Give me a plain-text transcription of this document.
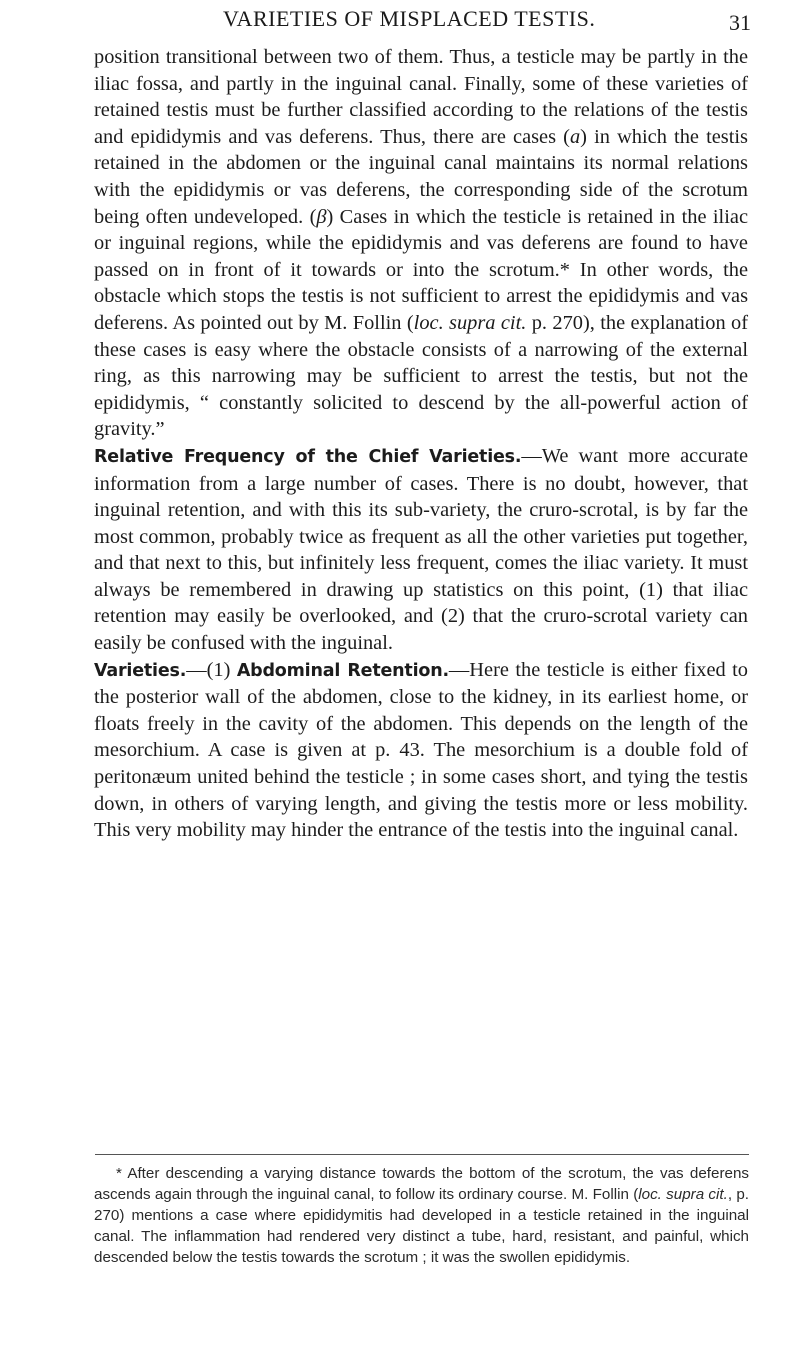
VARIETIES OF MISPLACED TESTIS.	31

position transitional between two of them. Thus, a testicle may be partly in the iliac fossa, and partly in the inguinal canal. Finally, some of these varieties of retained testis must be further classified according to the relations of the testis and epididymis and vas deferens. Thus, there are cases (a) in which the testis retained in the abdomen or the inguinal canal maintains its normal relations with the epididymis or vas deferens, the corresponding side of the scrotum being often undeveloped. (β) Cases in which the testicle is retained in the iliac or inguinal regions, while the epididymis and vas deferens are found to have passed on in front of it towards or into the scrotum.* In other words, the obstacle which stops the testis is not sufficient to arrest the epididymis and vas deferens. As pointed out by M. Follin (loc. supra cit. p. 270), the explanation of these cases is easy where the obstacle consists of a narrowing of the external ring, as this narrowing may be sufficient to arrest the testis, but not the epididymis, “ constantly solicited to descend by the all-powerful action of gravity.”

Relative Frequency of the Chief Varieties.—We want more accurate information from a large number of cases. There is no doubt, however, that inguinal retention, and with this its sub-variety, the cruro-scrotal, is by far the most common, probably twice as frequent as all the other varieties put together, and that next to this, but infinitely less frequent, comes the iliac variety. It must always be remembered in drawing up statistics on this point, (1) that iliac retention may easily be overlooked, and (2) that the cruro-scrotal variety can easily be confused with the inguinal.

Varieties.—(1) Abdominal Retention.—Here the testicle is either fixed to the posterior wall of the abdomen, close to the kidney, in its earliest home, or floats freely in the cavity of the abdomen. This depends on the length of the mesorchium. A case is given at p. 43. The mesorchium is a double fold of peritonæum united behind the testicle ; in some cases short, and tying the testis down, in others of varying length, and giving the testis more or less mobility. This very mobility may hinder the entrance of the testis into the inguinal canal.

* After descending a varying distance towards the bottom of the scrotum, the vas deferens ascends again through the inguinal canal, to follow its ordinary course. M. Follin (loc. supra cit., p. 270) mentions a case where epididymitis had developed in a testicle retained in the inguinal canal. The inflammation had rendered very distinct a tube, hard, resistant, and painful, which descended below the testis towards the scrotum ; it was the swollen epididymis.
